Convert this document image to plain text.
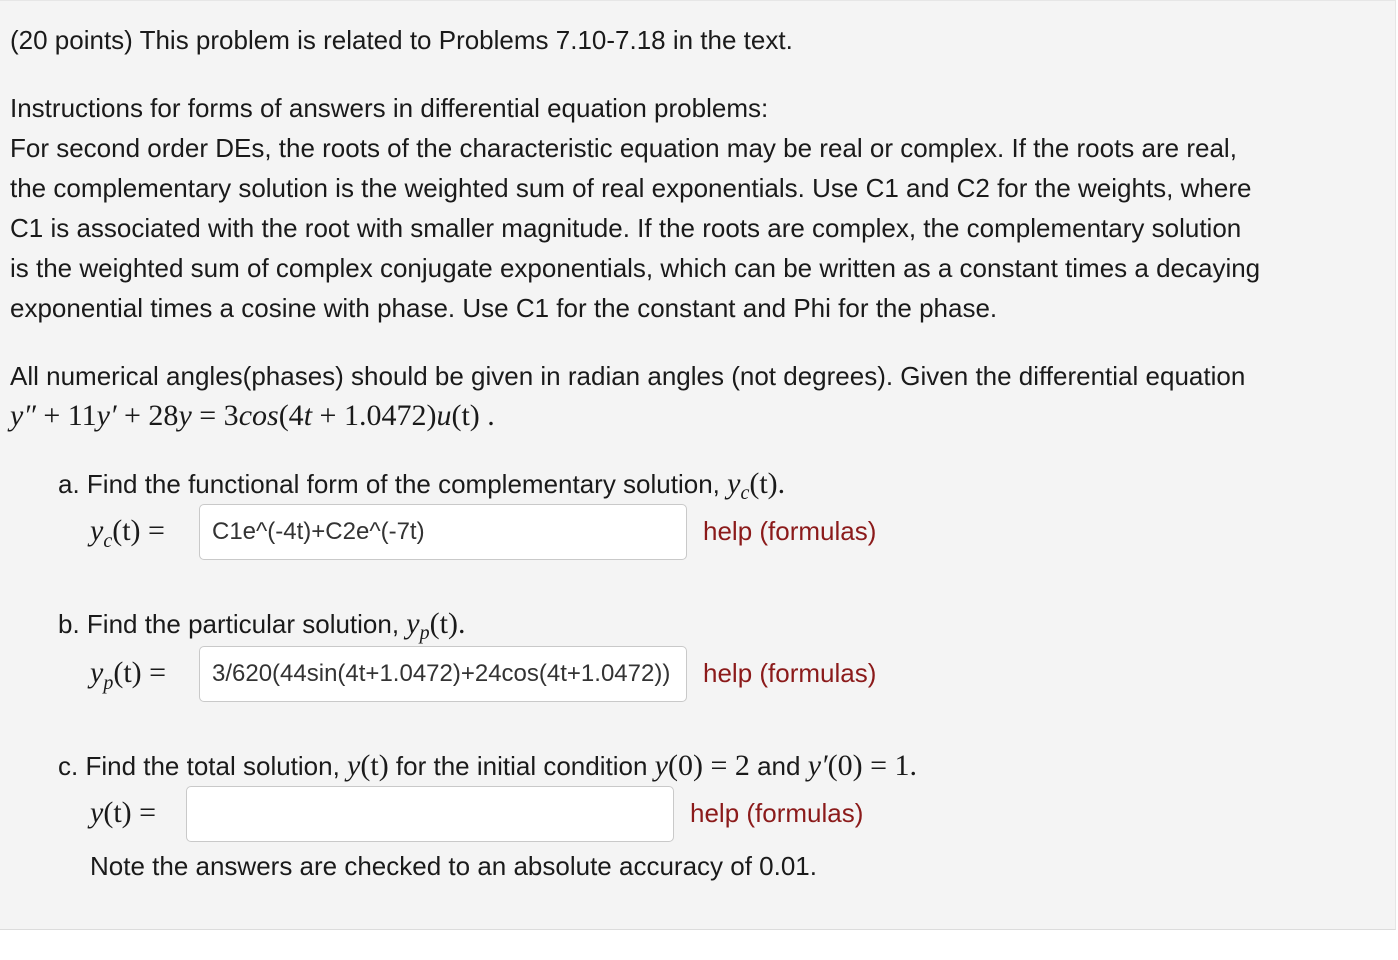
(20 points) This problem is related to Problems 7.10-7.18 in the text.
Instructions for forms of answers in differential equation problems:
For second order DEs, the roots of the characteristic equation may be real or complex. If the roots are real,
the complementary solution is the weighted sum of real exponentials. Use C1 and C2 for the weights, where
C1 is associated with the root with smaller magnitude. If the roots are complex, the complementary solution
is the weighted sum of complex conjugate exponentials, which can be written as a constant times a decaying
exponential times a cosine with phase. Use C1 for the constant and Phi for the phase.
All numerical angles(phases) should be given in radian angles (not degrees). Given the differential equation
y″ + 11y′ + 28y = 3cos(4t + 1.0472)u(t) .
a. Find the functional form of the complementary solution, $y_c(t)$.
$y_c(t)$ =
C1e^(-4t)+C2e^(-7t)	help (formulas)
b. Find the particular solution, $y_p(t)$.
$y_p(t)$ =
3/620(44sin(4t+1.0472)+24cos(4t+1.0472))	help (formulas)
c. Find the total solution, y(t) for the initial condition y(0) = 2 and y′(0) = 1.
y(t) =	help (formulas)
Note the answers are checked to an absolute accuracy of 0.01.
